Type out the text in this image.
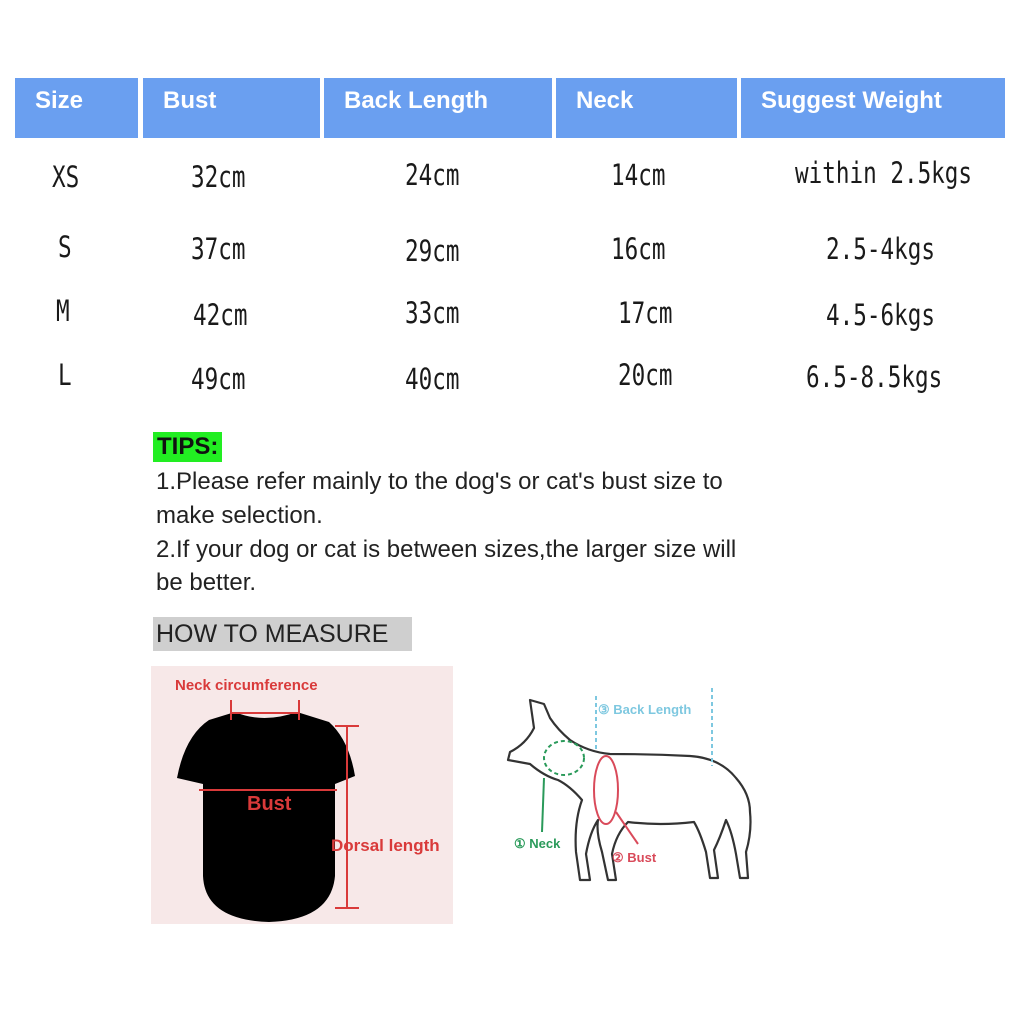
Size	Bust	Back Length	Neck	Suggest Weight
XS	32cm	24cm	14cm	within 2.5kgs
S	37cm	29cm	16cm	2.5-4kgs
M	42cm	33cm	17cm	4.5-6kgs
L	49cm	40cm	20cm	6.5-8.5kgs
TIPS:
1.Please refer mainly to the dog's or cat's bust size to
make selection.
2.If your dog or cat is between sizes,the larger size will
be better.
HOW TO MEASURE
Neck circumference
Bust
Dorsal length
③ Back Length
① Neck
② Bust
